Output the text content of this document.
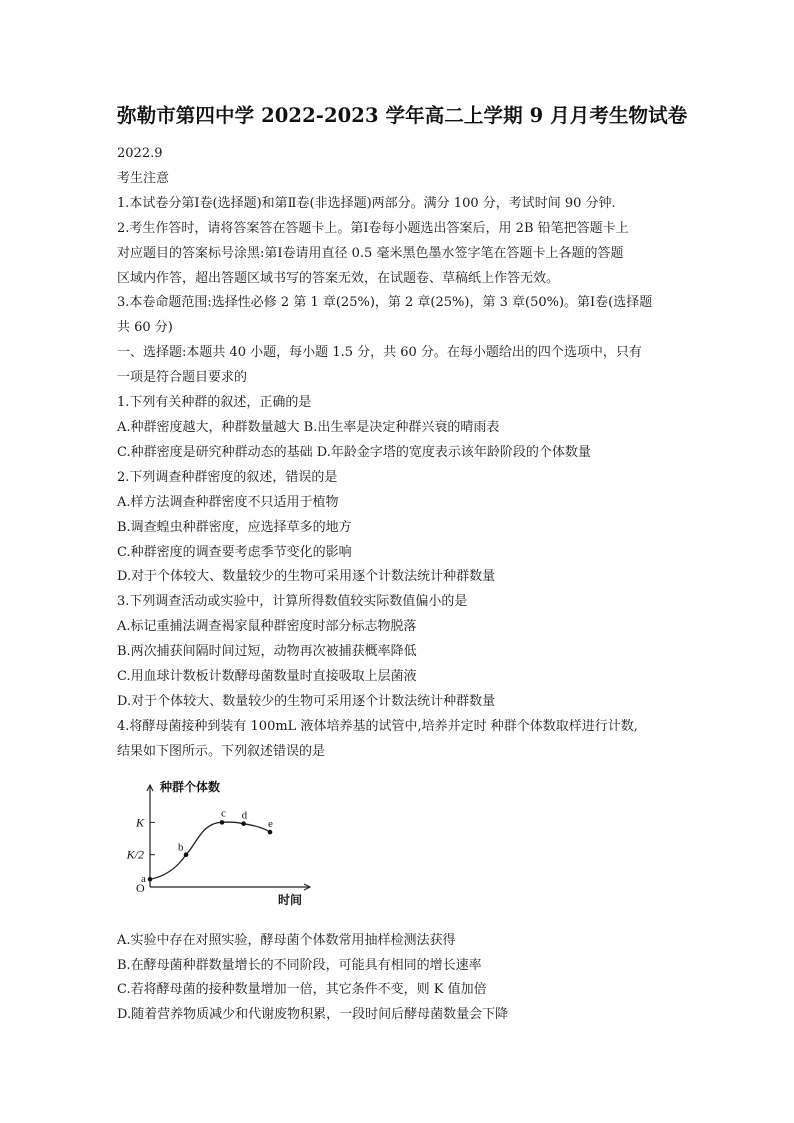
弥勒市第四中学 2022-2023 学年高二上学期 9 月月考生物试卷
2022.9
考生注意
1.本试卷分第Ⅰ卷(选择题)和第Ⅱ卷(非选择题)两部分。满分 100 分，考试时间 90 分钟.
2.考生作答时，请将答案答在答题卡上。第Ⅰ卷每小题选出答案后，用 2B 铅笔把答题卡上
对应题目的答案标号涂黑:第Ⅰ卷请用直径 0.5 毫米黑色墨水签字笔在答题卡上各题的答题
区域内作答，超出答题区域书写的答案无效，在试题卷、草稿纸上作答无效。
3.本卷命题范围:选择性必修 2 第 1 章(25%)，第 2 章(25%)，第 3 章(50%)。第Ⅰ卷(选择题
共 60 分)
一、选择题:本题共 40 小题，每小题 1.5 分，共 60 分。在每小题给出的四个选项中，只有
一项是符合题目要求的
1.下列有关种群的叙述，正确的是
A.种群密度越大，种群数量越大 B.出生率是决定种群兴衰的晴雨表
C.种群密度是研究种群动态的基础 D.年龄金字塔的宽度表示该年龄阶段的个体数量
2.下列调查种群密度的叙述，错误的是
A.样方法调查种群密度不只适用于植物
B.调查蝗虫种群密度，应选择草多的地方
C.种群密度的调查要考虑季节变化的影响
D.对于个体较大、数量较少的生物可采用逐个计数法统计种群数量
3.下列调查活动或实验中，计算所得数值较实际数值偏小的是
A.标记重捕法调查褐家鼠种群密度时部分标志物脱落
B.两次捕获间隔时间过短，动物再次被捕获概率降低
C.用血球计数板计数酵母菌数量时直接吸取上层菌液
D.对于个体较大、数量较少的生物可采用逐个计数法统计种群数量
4.将酵母菌接种到装有 100mL 液体培养基的试管中,培养并定时 种群个体数取样进行计数,
结果如下图所示。下列叙述错误的是
种群个体数
时间
O
K
K/2
a
b
c d
e
A.实验中存在对照实验，酵母菌个体数常用抽样检测法获得
B.在酵母菌种群数量增长的不同阶段，可能具有相同的增长速率
C.若将酵母菌的接种数量增加一倍，其它条件不变，则 K 值加倍
D.随着营养物质减少和代谢废物积累，一段时间后酵母菌数量会下降
